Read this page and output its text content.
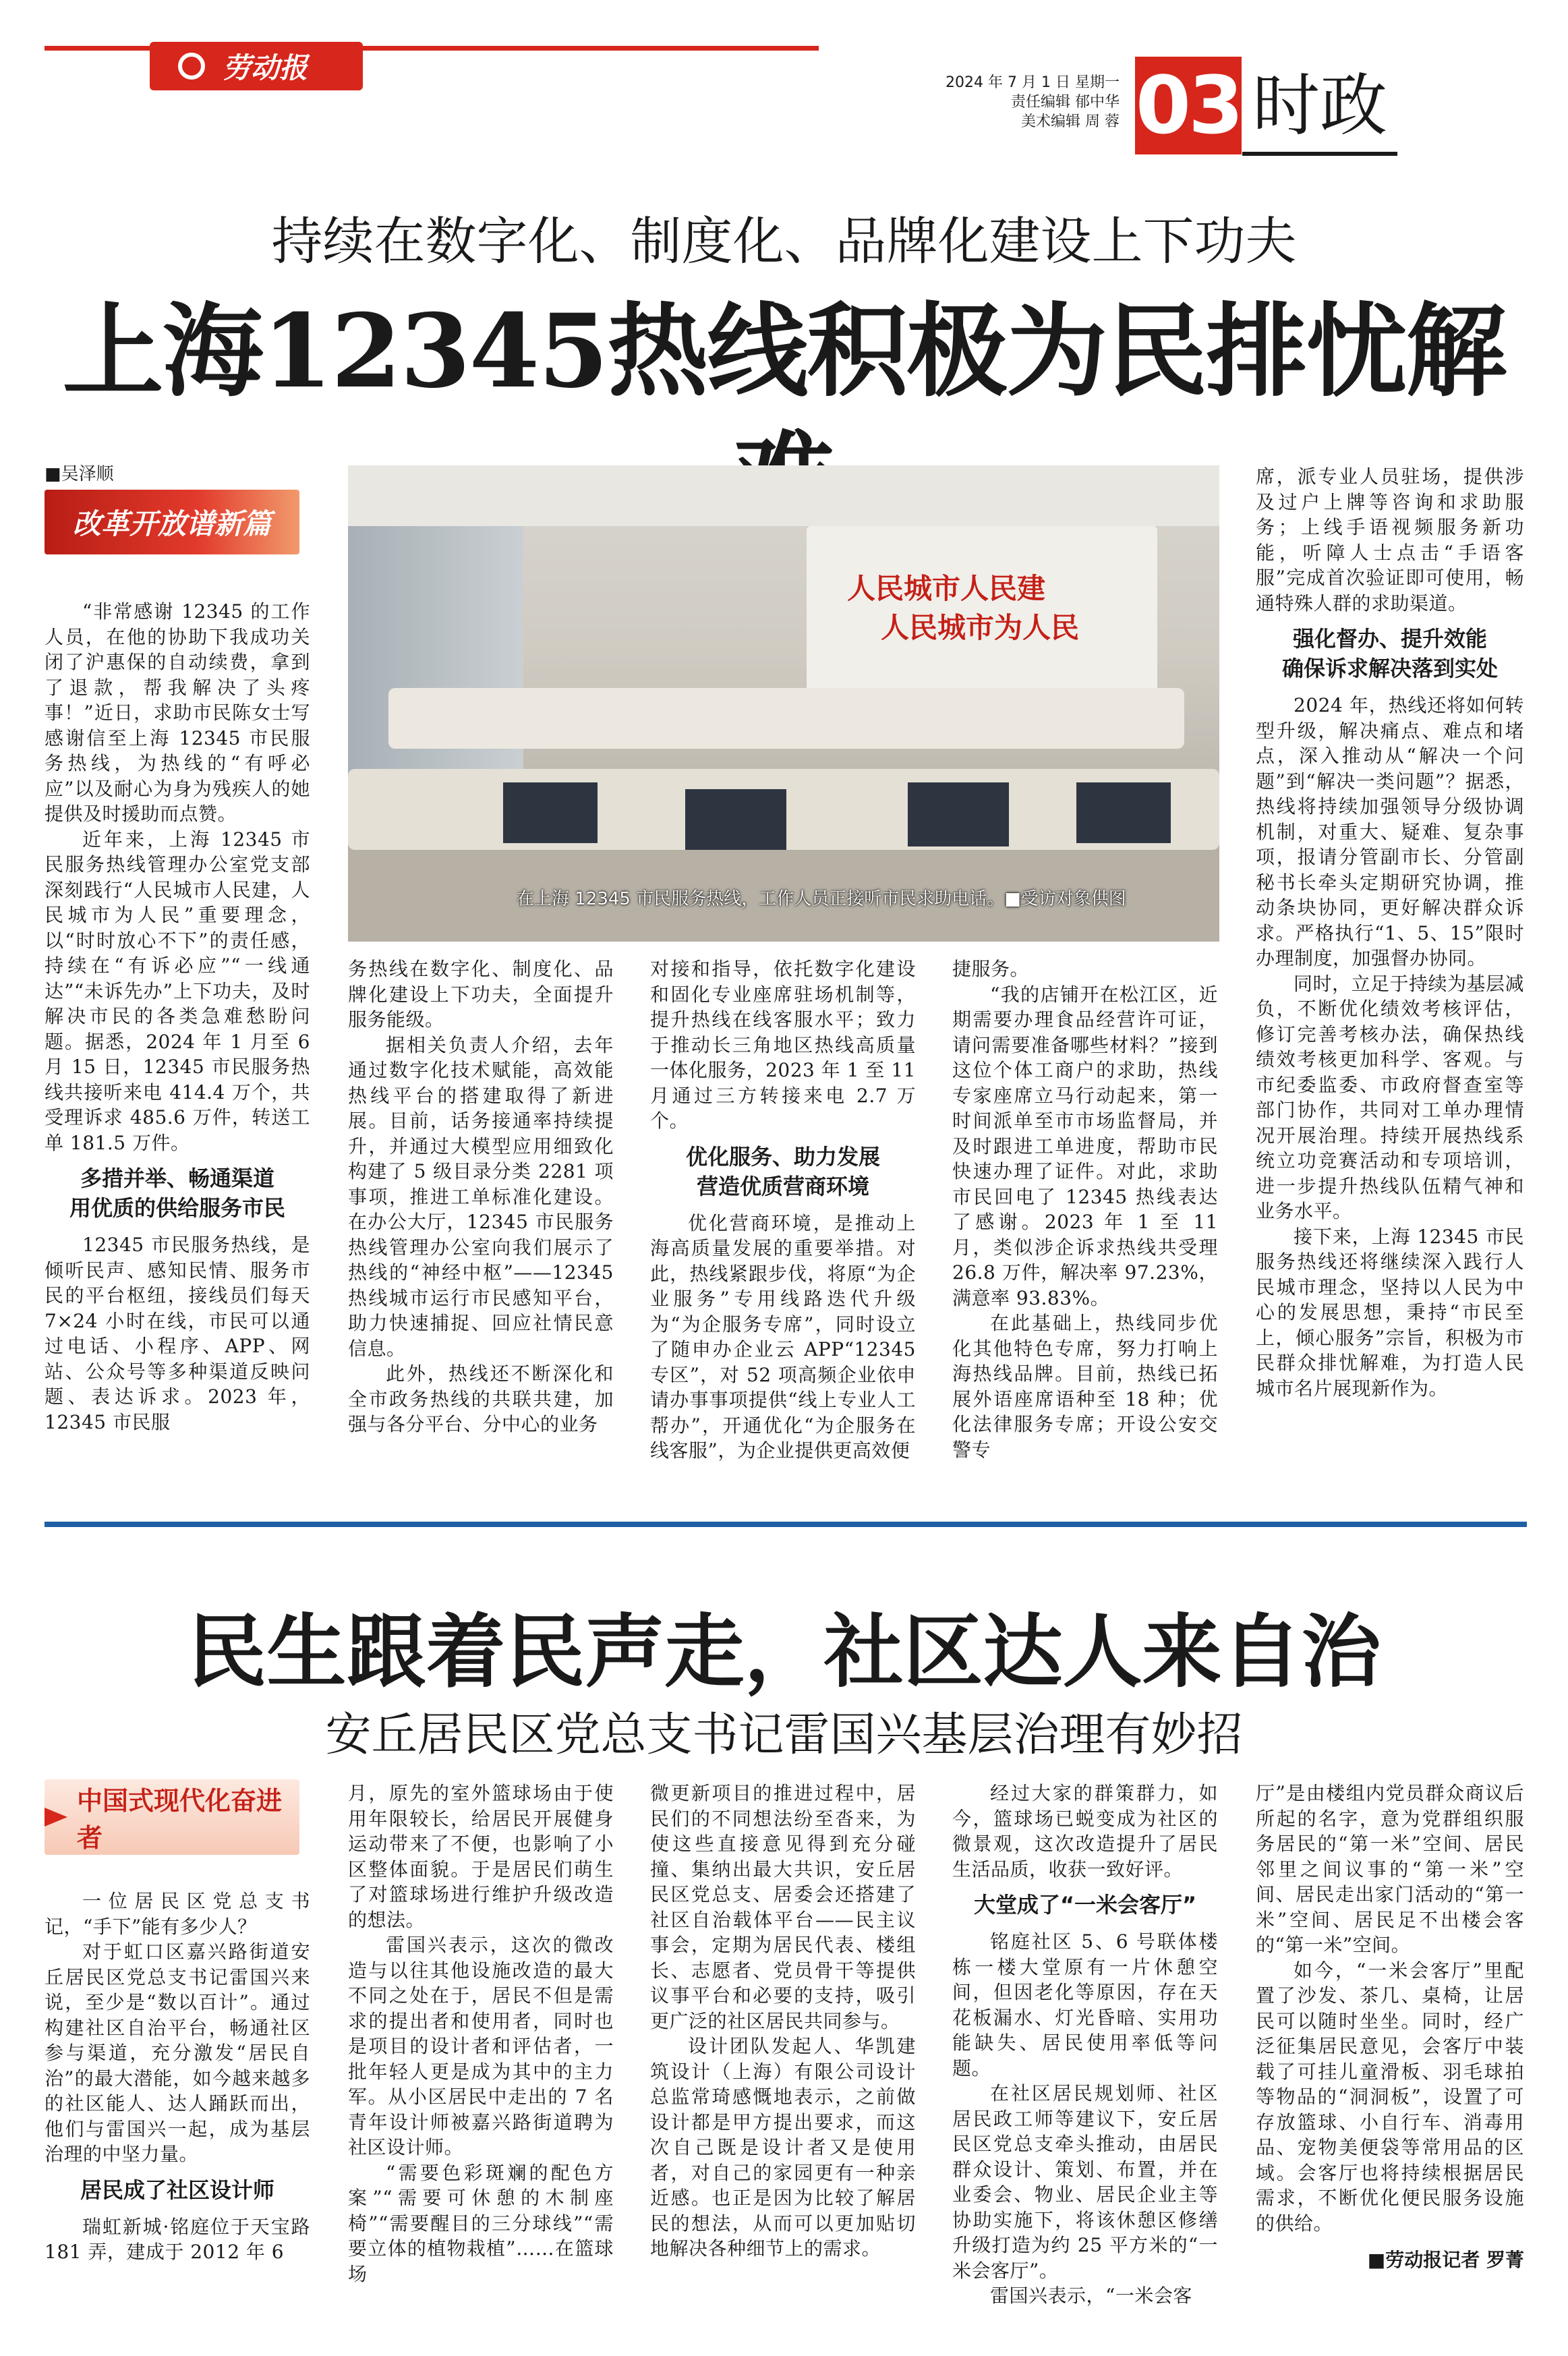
劳动报	2024 年 7 月 1 日 星期一
责任编辑 郁中华
美术编辑 周 蓉 03 时政
持续在数字化、制度化、品牌化建设上下功夫
上海12345热线积极为民排忧解
■吴泽顺
改革开放谱新篇
人民城市人民建
人民城市为人民
在上海 12345 市民服务热线，工作人员正接听市民求助电话。■受访对象供图

“非常感谢 12345 的工作人员，在他的协助下我成功关闭了沪惠保的自动续费，拿到了退款，帮我解决了头疼事！”近日，求助市民陈女士写感谢信至上海 12345 市民服务热线，为热线的“有呼必应”以及耐心为身为残疾人的她提供及时援助而点赞。

近年来，上海 12345 市民服务热线管理办公室党支部深刻践行“人民城市人民建，人民城市为人民”重要理念，以“时时放心不下”的责任感，持续在“有诉必应”“一线通达”“未诉先办”上下功夫，及时解决市民的各类急难愁盼问题。据悉，2024 年 1 月至 6 月 15 日，12345 市民服务热线共接听来电 414.4 万个，共受理诉求 485.6 万件，转送工单 181.5 万件。

多措并举、畅通渠道
用优质的供给服务市民

12345 市民服务热线，是倾听民声、感知民情、服务市民的平台枢纽，接线员们每天 7×24 小时在线，市民可以通过电话、小程序、APP、网站、公众号等多种渠道反映问题、表达诉求。2023 年，12345 市民服

务热线在数字化、制度化、品牌化建设上下功夫，全面提升服务能级。

据相关负责人介绍，去年通过数字化技术赋能，高效能热线平台的搭建取得了新进展。目前，话务接通率持续提升，并通过大模型应用细致化构建了 5 级目录分类 2281 项事项，推进工单标准化建设。在办公大厅，12345 市民服务热线管理办公室向我们展示了热线的“神经中枢”——12345 热线城市运行市民感知平台，助力快速捕捉、回应社情民意信息。

此外，热线还不断深化和全市政务热线的共联共建，加强与各分平台、分中心的业务

对接和指导，依托数字化建设和固化专业座席驻场机制等，提升热线在线客服水平；致力于推动长三角地区热线高质量一体化服务，2023 年 1 至 11 月通过三方转接来电 2.7 万个。

优化服务、助力发展
营造优质营商环境

优化营商环境，是推动上海高质量发展的重要举措。对此，热线紧跟步伐，将原“为企业服务”专用线路迭代升级为“为企服务专席”，同时设立了随申办企业云 APP“12345 专区”，对 52 项高频企业依申请办事事项提供“线上专业人工帮办”，开通优化“为企服务在线客服”，为企业提供更高效便

捷服务。

“我的店铺开在松江区，近期需要办理食品经营许可证，请问需要准备哪些材料？”接到这位个体工商户的求助，热线专家座席立马行动起来，第一时间派单至市市场监督局，并及时跟进工单进度，帮助市民快速办理了证件。对此，求助市民回电了 12345 热线表达了感谢。2023 年 1 至 11 月，类似涉企诉求热线共受理 26.8 万件，解决率 97.23%，满意率 93.83%。

在此基础上，热线同步优化其他特色专席，努力打响上海热线品牌。目前，热线已拓展外语座席语种至 18 种；优化法律服务专席；开设公安交警专

席，派专业人员驻场，提供涉及过户上牌等咨询和求助服务；上线手语视频服务新功能，听障人士点击“手语客服”完成首次验证即可使用，畅通特殊人群的求助渠道。

强化督办、提升效能
确保诉求解决落到实处

2024 年，热线还将如何转型升级，解决痛点、难点和堵点，深入推动从“解决一个问题”到“解决一类问题”？据悉，热线将持续加强领导分级协调机制，对重大、疑难、复杂事项，报请分管副市长、分管副秘书长牵头定期研究协调，推动条块协同，更好解决群众诉求。严格执行“1、5、15”限时办理制度，加强督办协同。

同时，立足于持续为基层减负，不断优化绩效考核评估，修订完善考核办法，确保热线绩效考核更加科学、客观。与市纪委监委、市政府督查室等部门协作，共同对工单办理情况开展治理。持续开展热线系统立功竞赛活动和专项培训，进一步提升热线队伍精气神和业务水平。

接下来，上海 12345 市民服务热线还将继续深入践行人民城市理念，坚持以人民为中心的发展思想，秉持“市民至上，倾心服务”宗旨，积极为市民群众排忧解难，为打造人民城市名片展现新作为。

民生跟着民声走，社区达人来自治
安丘居民区党总支书记雷国兴基层治理有妙招
中国式现代化奋进者

一位居民区党总支书记，“手下”能有多少人？

对于虹口区嘉兴路街道安丘居民区党总支书记雷国兴来说，至少是“数以百计”。通过构建社区自治平台，畅通社区参与渠道，充分激发“居民自治”的最大潜能，如今越来越多的社区能人、达人踊跃而出，他们与雷国兴一起，成为基层治理的中坚力量。

居民成了社区设计师

瑞虹新城·铭庭位于天宝路 181 弄，建成于 2012 年 6

月，原先的室外篮球场由于使用年限较长，给居民开展健身运动带来了不便，也影响了小区整体面貌。于是居民们萌生了对篮球场进行维护升级改造的想法。

雷国兴表示，这次的微改造与以往其他设施改造的最大不同之处在于，居民不但是需求的提出者和使用者，同时也是项目的设计者和评估者，一批年轻人更是成为其中的主力军。从小区居民中走出的 7 名青年设计师被嘉兴路街道聘为社区设计师。

“需要色彩斑斓的配色方案”“需要可休憩的木制座椅”“需要醒目的三分球线”“需要立体的植物栽植”……在篮球场

微更新项目的推进过程中，居民们的不同想法纷至沓来，为使这些直接意见得到充分碰撞、集纳出最大共识，安丘居民区党总支、居委会还搭建了社区自治载体平台——民主议事会，定期为居民代表、楼组长、志愿者、党员骨干等提供议事平台和必要的支持，吸引更广泛的社区居民共同参与。

设计团队发起人、华凯建筑设计（上海）有限公司设计总监常琦感慨地表示，之前做设计都是甲方提出要求，而这次自己既是设计者又是使用者，对自己的家园更有一种亲近感。也正是因为比较了解居民的想法，从而可以更加贴切地解决各种细节上的需求。

经过大家的群策群力，如今，篮球场已蜕变成为社区的微景观，这次改造提升了居民生活品质，收获一致好评。

大堂成了“一米会客厅”

铭庭社区 5、6 号联体楼栋一楼大堂原有一片休憩空间，但因老化等原因，存在天花板漏水、灯光昏暗、实用功能缺失、居民使用率低等问题。

在社区居民规划师、社区居民政工师等建议下，安丘居民区党总支牵头推动，由居民群众设计、策划、布置，并在业委会、物业、居民企业主等协助实施下，将该休憩区修缮升级打造为约 25 平方米的“一米会客厅”。

雷国兴表示，“一米会客

厅”是由楼组内党员群众商议后所起的名字，意为党群组织服务居民的“第一米”空间、居民邻里之间议事的“第一米”空间、居民走出家门活动的“第一米”空间、居民足不出楼会客的“第一米”空间。

如今，“一米会客厅”里配置了沙发、茶几、桌椅，让居民可以随时坐坐。同时，经广泛征集居民意见，会客厅中装载了可挂儿童滑板、羽毛球拍等物品的“洞洞板”，设置了可存放篮球、小自行车、消毒用品、宠物美便袋等常用品的区域。会客厅也将持续根据居民需求，不断优化便民服务设施的供给。

■劳动报记者 罗菁
